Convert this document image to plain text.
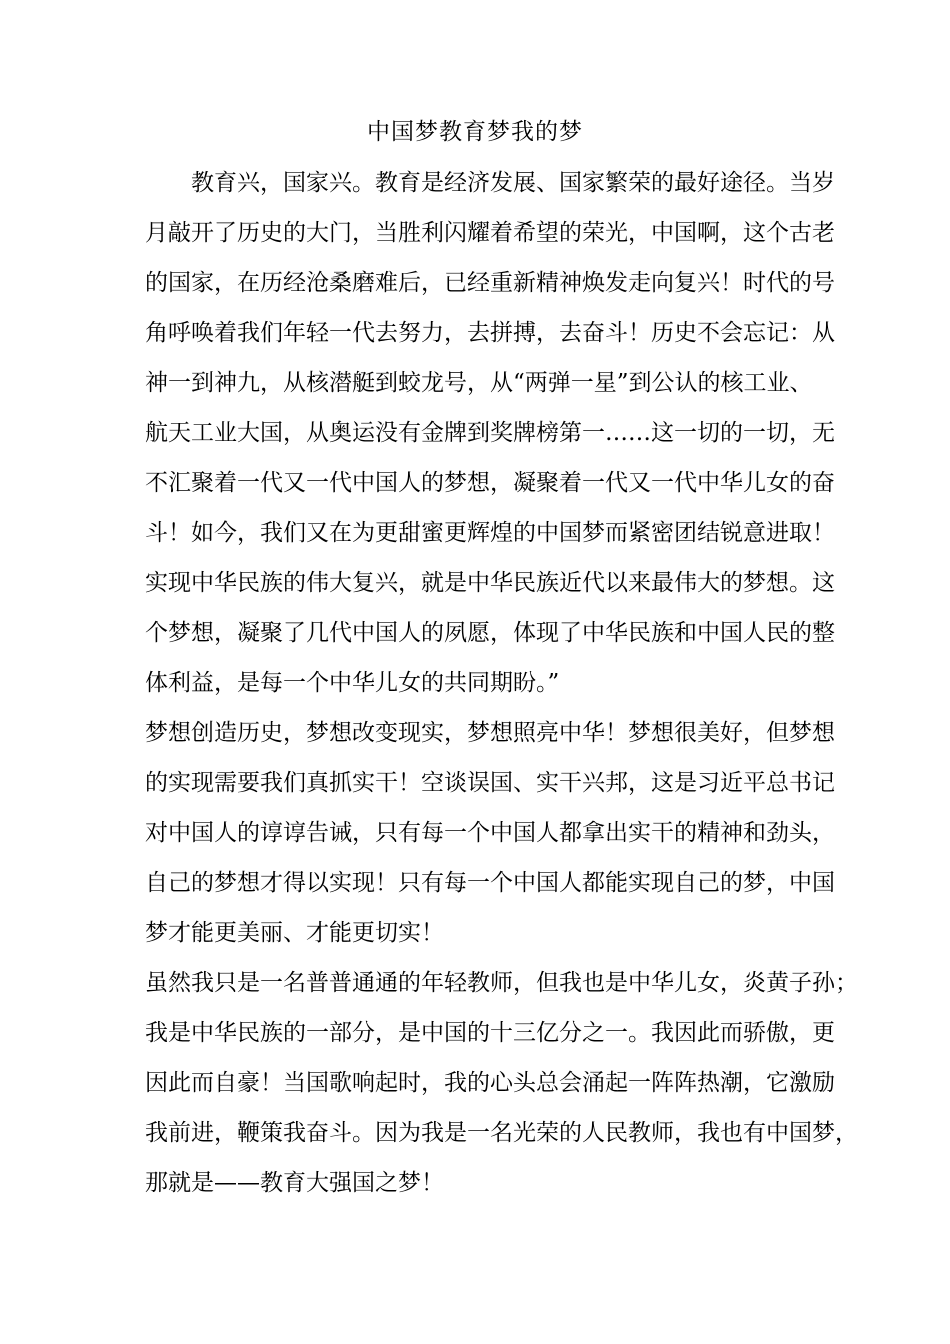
中国梦教育梦我的梦
　　教育兴，国家兴。教育是经济发展、国家繁荣的最好途径。当岁
月敲开了历史的大门，当胜利闪耀着希望的荣光，中国啊，这个古老
的国家，在历经沧桑磨难后，已经重新精神焕发走向复兴！时代的号
角呼唤着我们年轻一代去努力，去拼搏，去奋斗！历史不会忘记：从
神一到神九，从核潜艇到蛟龙号，从“两弹一星”到公认的核工业、
航天工业大国，从奥运没有金牌到奖牌榜第一……这一切的一切，无
不汇聚着一代又一代中国人的梦想，凝聚着一代又一代中华儿女的奋
斗！如今，我们又在为更甜蜜更辉煌的中国梦而紧密团结锐意进取！
实现中华民族的伟大复兴，就是中华民族近代以来最伟大的梦想。这
个梦想，凝聚了几代中国人的夙愿，体现了中华民族和中国人民的整
体利益，是每一个中华儿女的共同期盼。”
梦想创造历史，梦想改变现实，梦想照亮中华！梦想很美好，但梦想
的实现需要我们真抓实干！空谈误国、实干兴邦，这是习近平总书记
对中国人的谆谆告诫，只有每一个中国人都拿出实干的精神和劲头，
自己的梦想才得以实现！只有每一个中国人都能实现自己的梦，中国
梦才能更美丽、才能更切实！
虽然我只是一名普普通通的年轻教师，但我也是中华儿女，炎黄子孙；
我是中华民族的一部分，是中国的十三亿分之一。我因此而骄傲，更
因此而自豪！当国歌响起时，我的心头总会涌起一阵阵热潮，它激励
我前进，鞭策我奋斗。因为我是一名光荣的人民教师，我也有中国梦，
那就是——教育大强国之梦！
